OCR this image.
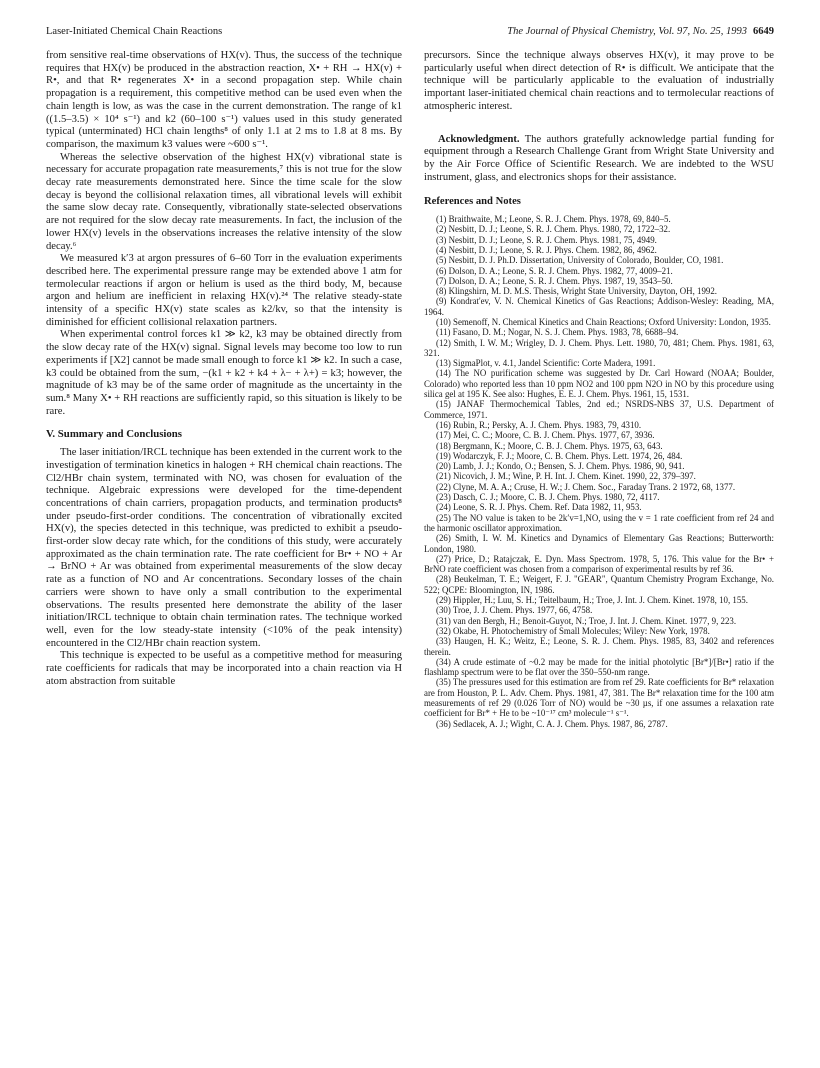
Laser-Initiated Chemical Chain Reactions	The Journal of Physical Chemistry, Vol. 97, No. 25, 1993 6649

from sensitive real-time observations of HX(v). Thus, the success of the technique requires that HX(v) be produced in the abstraction reaction, X• + RH → HX(v) + R•, and that R• regenerates X• in a second propagation step. While chain propagation is a requirement, this competitive method can be used even when the chain length is low, as was the case in the current demonstration. The range of k1 ((1.5–3.5) × 10⁴ s⁻¹) and k2 (60–100 s⁻¹) values used in this study generated typical (unterminated) HCl chain lengths⁸ of only 1.1 at 2 ms to 1.8 at 8 ms. By comparison, the maximum k3 values were ~600 s⁻¹.

Whereas the selective observation of the highest HX(v) vibrational state is necessary for accurate propagation rate measurements,⁷ this is not true for the slow decay rate measurements demonstrated here. Since the time scale for the slow decay is beyond the collisional relaxation times, all vibrational levels will exhibit the same slow decay rate. Consequently, vibrationally state-selected observations are not required for the slow decay rate measurements. In fact, the inclusion of the lower HX(v) levels in the observations increases the relative intensity of the slow decay.⁶

We measured k′3 at argon pressures of 6–60 Torr in the evaluation experiments described here. The experimental pressure range may be extended above 1 atm for termolecular reactions if argon or helium is used as the third body, M, because argon and helium are inefficient in relaxing HX(v).²⁴ The relative steady-state intensity of a specific HX(v) state scales as k2/kv, so that the intensity is diminished for efficient collisional relaxation partners.

When experimental control forces k1 ≫ k2, k3 may be obtained directly from the slow decay rate of the HX(v) signal. Signal levels may become too low to run experiments if [X2] cannot be made small enough to force k1 ≫ k2. In such a case, k3 could be obtained from the sum, −(k1 + k2 + k4 + λ− + λ+) = k3; however, the magnitude of k3 may be of the same order of magnitude as the uncertainty in the sum.⁸ Many X• + RH reactions are sufficiently rapid, so this situation is likely to be rare.

V. Summary and Conclusions

The laser initiation/IRCL technique has been extended in the current work to the investigation of termination kinetics in halogen + RH chemical chain reactions. The Cl2/HBr chain system, terminated with NO, was chosen for evaluation of the technique. Algebraic expressions were developed for the time-dependent concentrations of chain carriers, propagation products, and termination products⁸ under pseudo-first-order conditions. The concentration of vibrationally excited HX(v), the species detected in this technique, was predicted to exhibit a pseudo-first-order slow decay rate which, for the conditions of this study, were accurately approximated as the chain termination rate. The rate coefficient for Br• + NO + Ar → BrNO + Ar was obtained from experimental measurements of the slow decay rate as a function of NO and Ar concentrations. Secondary losses of the chain carriers were shown to have only a small contribution to the experimental observations. The results presented here demonstrate the ability of the laser initiation/IRCL technique to obtain chain termination rates. The technique worked well, even for the low steady-state intensity (<10% of the peak intensity) encountered in the Cl2/HBr chain reaction system.

This technique is expected to be useful as a competitive method for measuring rate coefficients for radicals that may be incorporated into a chain reaction via H atom abstraction from suitable

precursors. Since the technique always observes HX(v), it may prove to be particularly useful when direct detection of R• is difficult. We anticipate that the technique will be particularly applicable to the evaluation of industrially important laser-initiated chemical chain reactions and to termolecular reactions of atmospheric interest.

Acknowledgment. The authors gratefully acknowledge partial funding for equipment through a Research Challenge Grant from Wright State University and by the Air Force Office of Scientific Research. We are indebted to the WSU instrument, glass, and electronics shops for their assistance.

References and Notes

(1) Braithwaite, M.; Leone, S. R. J. Chem. Phys. 1978, 69, 840–5.

(2) Nesbitt, D. J.; Leone, S. R. J. Chem. Phys. 1980, 72, 1722–32.

(3) Nesbitt, D. J.; Leone, S. R. J. Chem. Phys. 1981, 75, 4949.

(4) Nesbitt, D. J.; Leone, S. R. J. Phys. Chem. 1982, 86, 4962.

(5) Nesbitt, D. J. Ph.D. Dissertation, University of Colorado, Boulder, CO, 1981.

(6) Dolson, D. A.; Leone, S. R. J. Chem. Phys. 1982, 77, 4009–21.

(7) Dolson, D. A.; Leone, S. R. J. Chem. Phys. 1987, 19, 3543–50.

(8) Klingshirn, M. D. M.S. Thesis, Wright State University, Dayton, OH, 1992.

(9) Kondrat'ev, V. N. Chemical Kinetics of Gas Reactions; Addison-Wesley: Reading, MA, 1964.

(10) Semenoff, N. Chemical Kinetics and Chain Reactions; Oxford University: London, 1935.

(11) Fasano, D. M.; Nogar, N. S. J. Chem. Phys. 1983, 78, 6688–94.

(12) Smith, I. W. M.; Wrigley, D. J. Chem. Phys. Lett. 1980, 70, 481; Chem. Phys. 1981, 63, 321.

(13) SigmaPlot, v. 4.1, Jandel Scientific: Corte Madera, 1991.

(14) The NO purification scheme was suggested by Dr. Carl Howard (NOAA; Boulder, Colorado) who reported less than 10 ppm NO2 and 100 ppm N2O in NO by this procedure using silica gel at 195 K. See also: Hughes, E. E. J. Chem. Phys. 1961, 15, 1531.

(15) JANAF Thermochemical Tables, 2nd ed.; NSRDS-NBS 37, U.S. Department of Commerce, 1971.

(16) Rubin, R.; Persky, A. J. Chem. Phys. 1983, 79, 4310.

(17) Mei, C. C.; Moore, C. B. J. Chem. Phys. 1977, 67, 3936.

(18) Bergmann, K.; Moore, C. B. J. Chem. Phys. 1975, 63, 643.

(19) Wodarczyk, F. J.; Moore, C. B. Chem. Phys. Lett. 1974, 26, 484.

(20) Lamb, J. J.; Kondo, O.; Bensen, S. J. Chem. Phys. 1986, 90, 941.

(21) Nicovich, J. M.; Wine, P. H. Int. J. Chem. Kinet. 1990, 22, 379–397.

(22) Clyne, M. A. A.; Cruse, H. W.; J. Chem. Soc., Faraday Trans. 2 1972, 68, 1377.

(23) Dasch, C. J.; Moore, C. B. J. Chem. Phys. 1980, 72, 4117.

(24) Leone, S. R. J. Phys. Chem. Ref. Data 1982, 11, 953.

(25) The NO value is taken to be 2k′v=1,NO, using the v = 1 rate coefficient from ref 24 and the harmonic oscillator approximation.

(26) Smith, I. W. M. Kinetics and Dynamics of Elementary Gas Reactions; Butterworth: London, 1980.

(27) Price, D.; Ratajczak, E. Dyn. Mass Spectrom. 1978, 5, 176. This value for the Br• + BrNO rate coefficient was chosen from a comparison of experimental results by ref 36.

(28) Beukelman, T. E.; Weigert, F. J. "GEAR", Quantum Chemistry Program Exchange, No. 522; QCPE: Bloomington, IN, 1986.

(29) Hippler, H.; Luu, S. H.; Teitelbaum, H.; Troe, J. Int. J. Chem. Kinet. 1978, 10, 155.

(30) Troe, J. J. Chem. Phys. 1977, 66, 4758.

(31) van den Bergh, H.; Benoit-Guyot, N.; Troe, J. Int. J. Chem. Kinet. 1977, 9, 223.

(32) Okabe, H. Photochemistry of Small Molecules; Wiley: New York, 1978.

(33) Haugen, H. K.; Weitz, E.; Leone, S. R. J. Chem. Phys. 1985, 83, 3402 and references therein.

(34) A crude estimate of ~0.2 may be made for the initial photolytic [Br*]/[Br•] ratio if the flashlamp spectrum were to be flat over the 350–550-nm range.

(35) The pressures used for this estimation are from ref 29. Rate coefficients for Br* relaxation are from Houston, P. L. Adv. Chem. Phys. 1981, 47, 381. The Br* relaxation time for the 100 atm measurements of ref 29 (0.026 Torr of NO) would be ~30 µs, if one assumes a relaxation rate coefficient for Br* + He to be ~10⁻¹⁷ cm³ molecule⁻¹ s⁻¹.

(36) Sedlacek, A. J.; Wight, C. A. J. Chem. Phys. 1987, 86, 2787.
